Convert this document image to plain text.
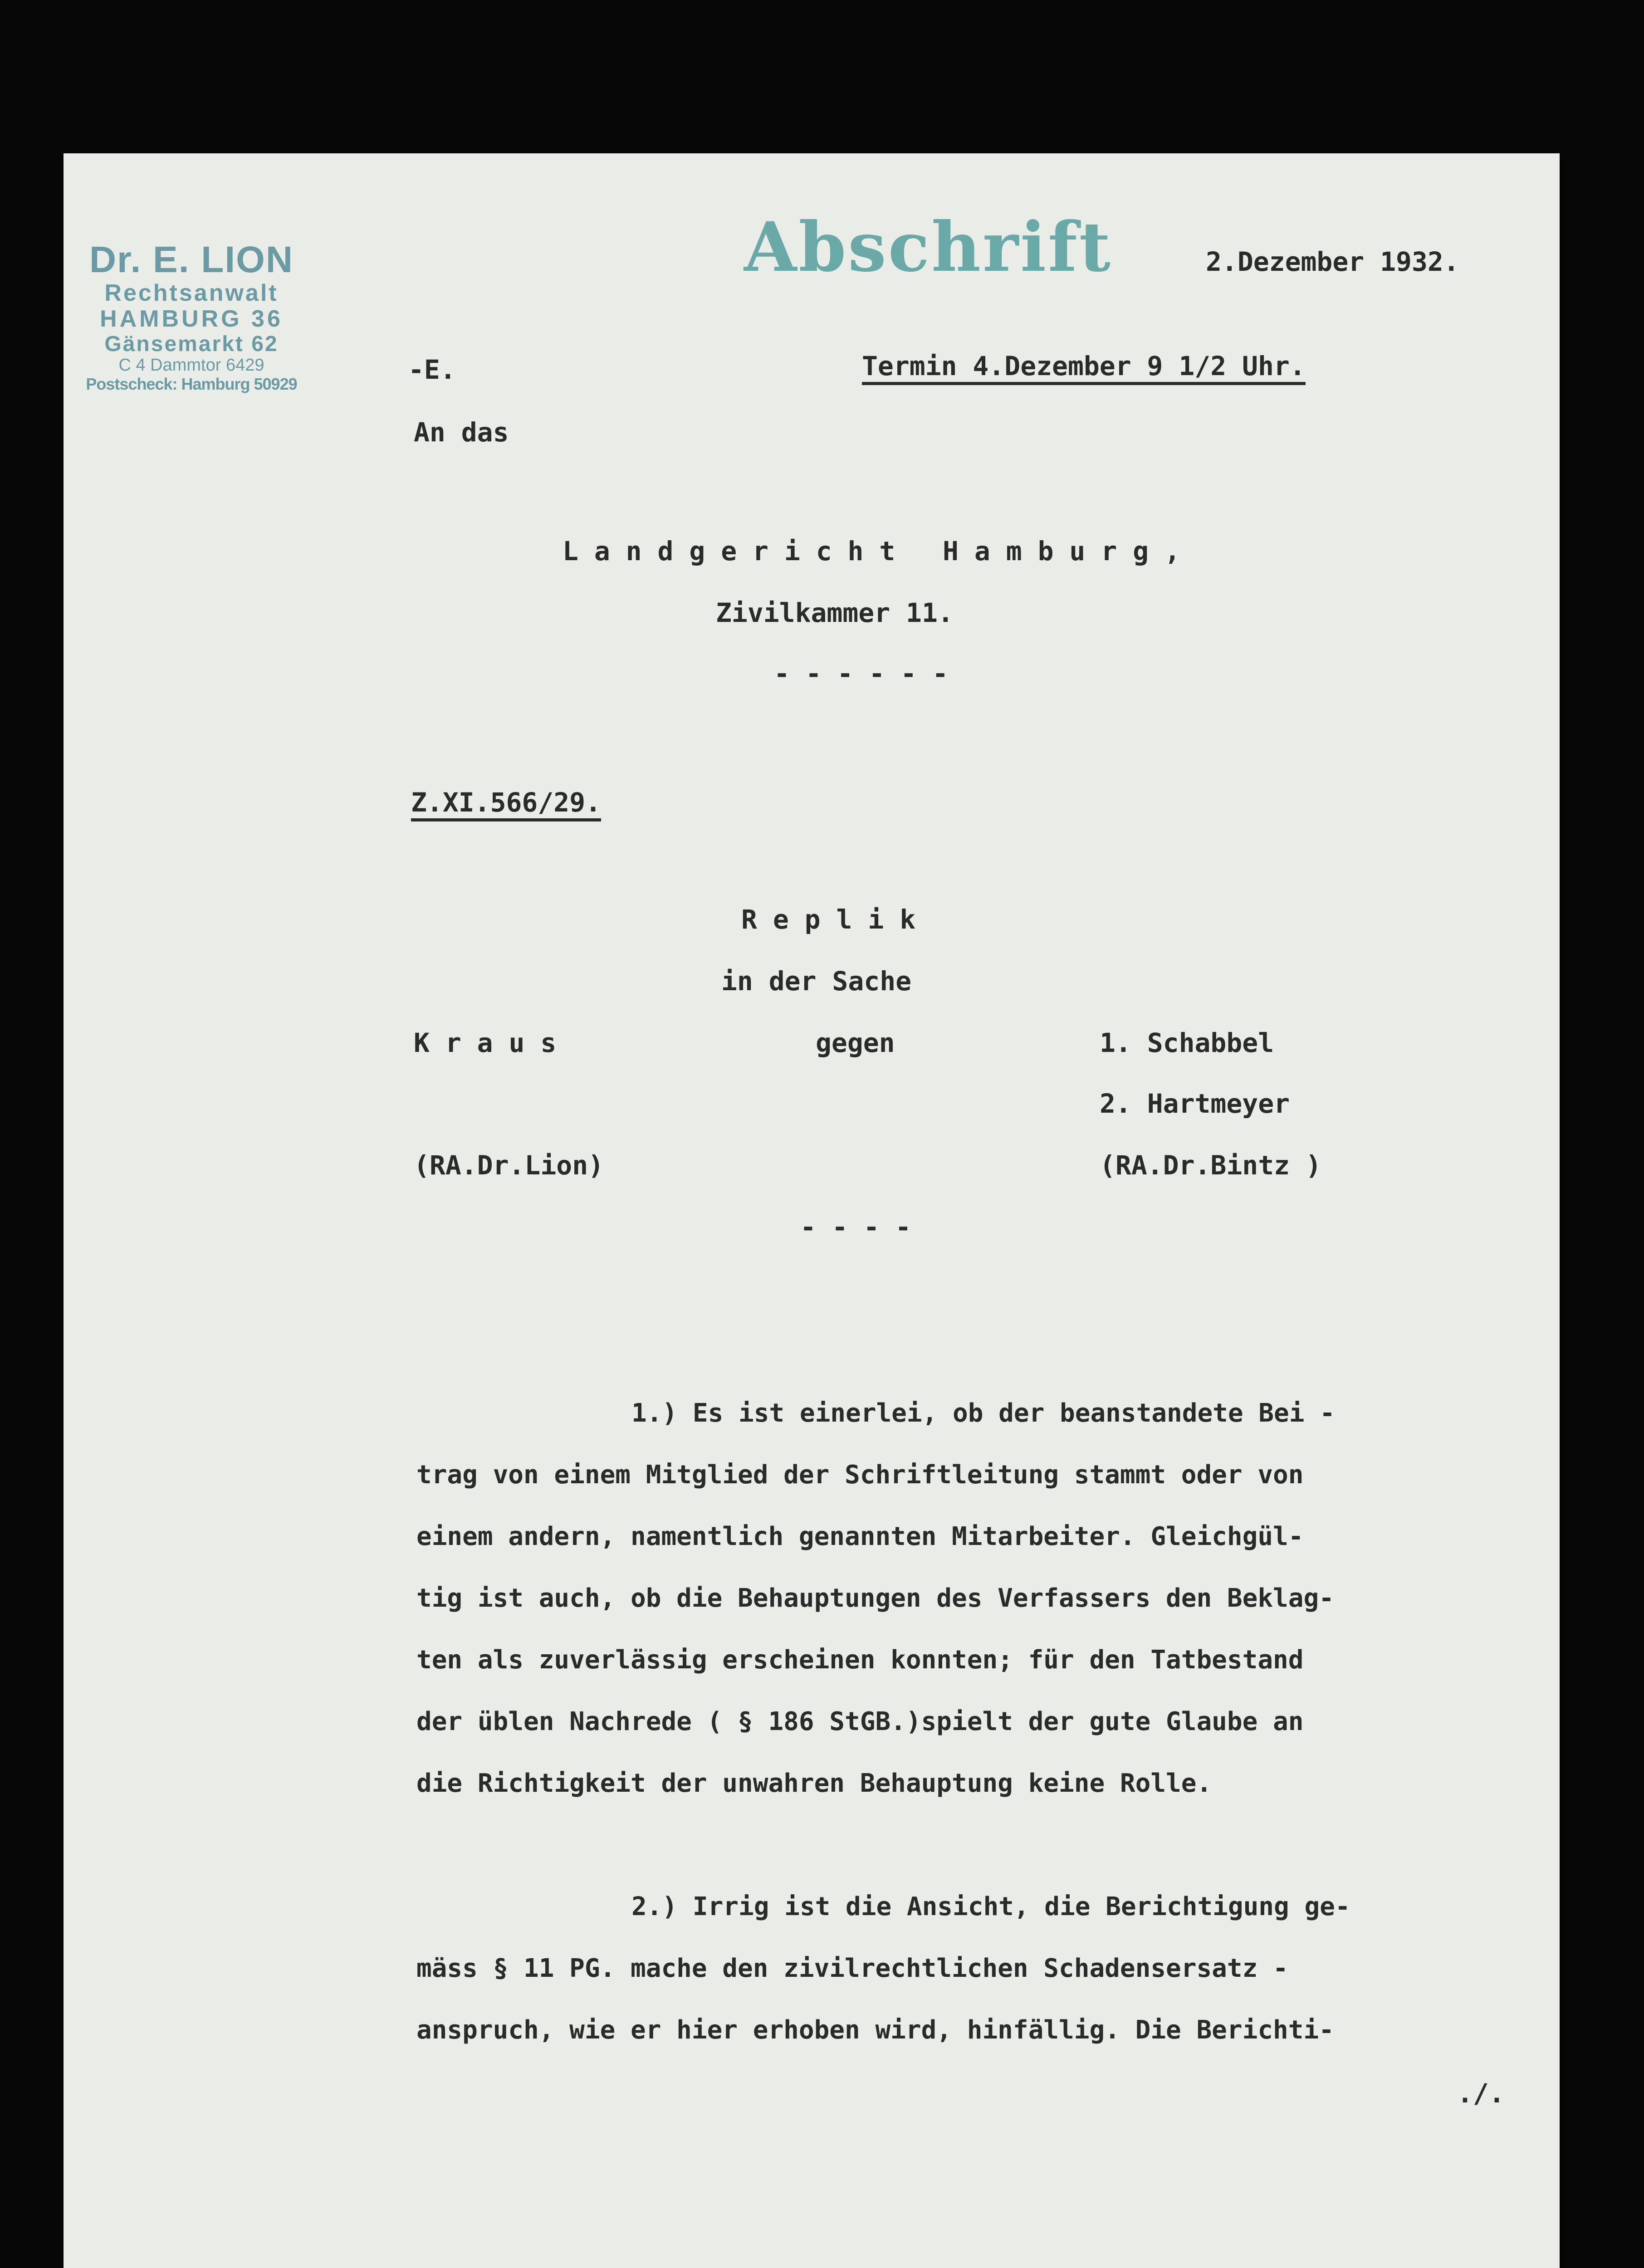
Dr. E. LION
Rechtsanwalt
HAMBURG 36
Gänsemarkt 62
C 4 Dammtor 6429
Postscheck: Hamburg 50929
Abschrift	2.Dezember 1932.
-E.	Termin 4.Dezember 9 1/2 Uhr.
An das
L a n d g e r i c h t   H a m b u r g ,
Zivilkammer 11.
- - - - - -
Z.XI.566/29.
R e p l i k
in der Sache
K r a u s	gegen	1. Schabbel
2. Hartmeyer
(RA.Dr.Lion)	(RA.Dr.Bintz )
- - - -
1.) Es ist einerlei, ob der beanstandete Bei -
trag von einem Mitglied der Schriftleitung stammt oder von
einem andern, namentlich genannten Mitarbeiter. Gleichgül-
tig ist auch, ob die Behauptungen des Verfassers den Beklag-
ten als zuverlässig erscheinen konnten; für den Tatbestand
der üblen Nachrede ( § 186 StGB.)spielt der gute Glaube an
die Richtigkeit der unwahren Behauptung keine Rolle.
2.) Irrig ist die Ansicht, die Berichtigung ge-
mäss § 11 PG. mache den zivilrechtlichen Schadensersatz -
anspruch, wie er hier erhoben wird, hinfällig. Die Berichti-
./.
